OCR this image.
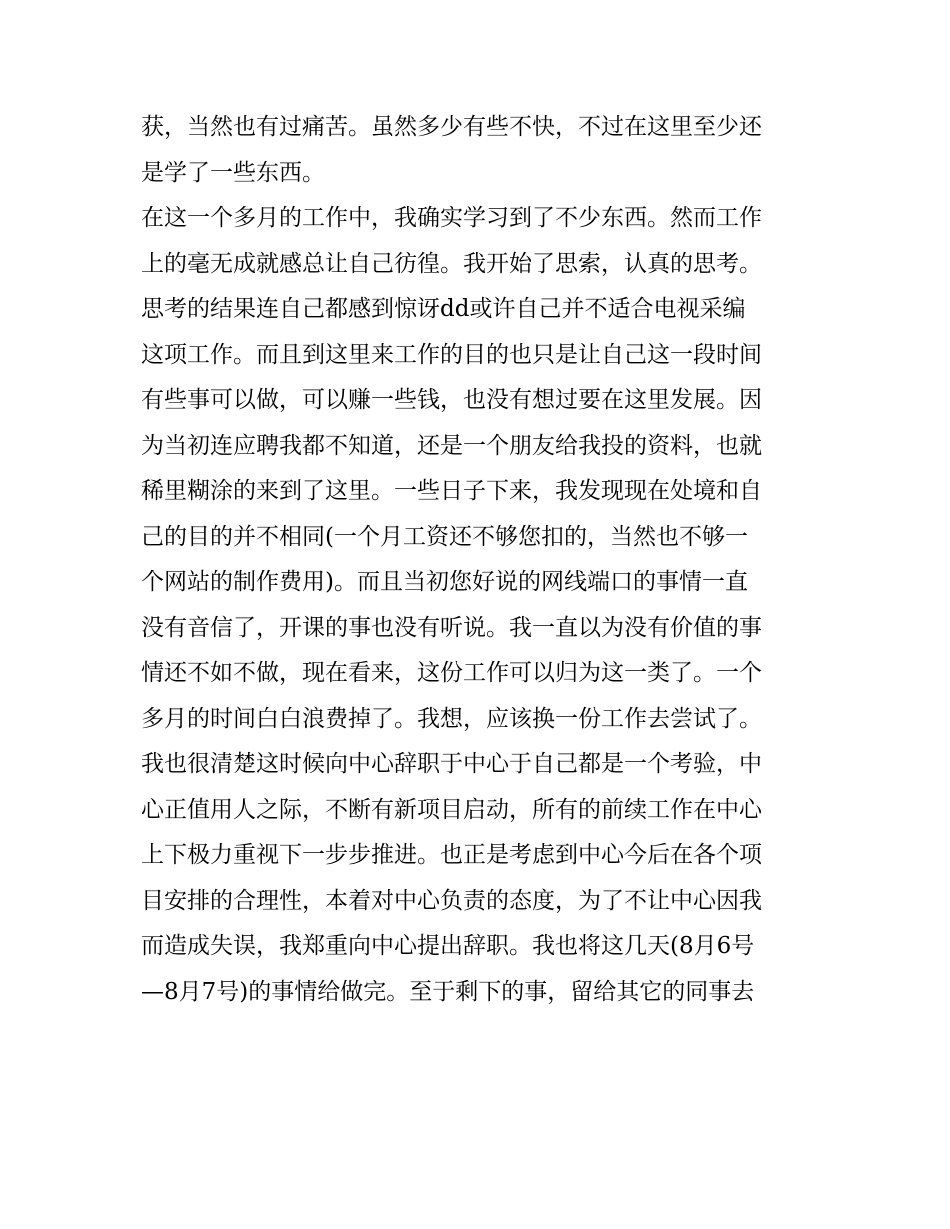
获，当然也有过痛苦。虽然多少有些不快，不过在这里至少还
是学了一些东西。
在这一个多月的工作中，我确实学习到了不少东西。然而工作
上的毫无成就感总让自己彷徨。我开始了思索，认真的思考。
思考的结果连自己都感到惊讶dd或许自己并不适合电视采编
这项工作。而且到这里来工作的目的也只是让自己这一段时间
有些事可以做，可以赚一些钱，也没有想过要在这里发展。因
为当初连应聘我都不知道，还是一个朋友给我投的资料，也就
稀里糊涂的来到了这里。一些日子下来，我发现现在处境和自
己的目的并不相同(一个月工资还不够您扣的，当然也不够一
个网站的制作费用)。而且当初您好说的网线端口的事情一直
没有音信了，开课的事也没有听说。我一直以为没有价值的事
情还不如不做，现在看来，这份工作可以归为这一类了。一个
多月的时间白白浪费掉了。我想，应该换一份工作去尝试了。
我也很清楚这时候向中心辞职于中心于自己都是一个考验，中
心正值用人之际，不断有新项目启动，所有的前续工作在中心
上下极力重视下一步步推进。也正是考虑到中心今后在各个项
目安排的合理性，本着对中心负责的态度，为了不让中心因我
而造成失误，我郑重向中心提出辞职。我也将这几天(8月6号
—8月7号)的事情给做完。至于剩下的事，留给其它的同事去
